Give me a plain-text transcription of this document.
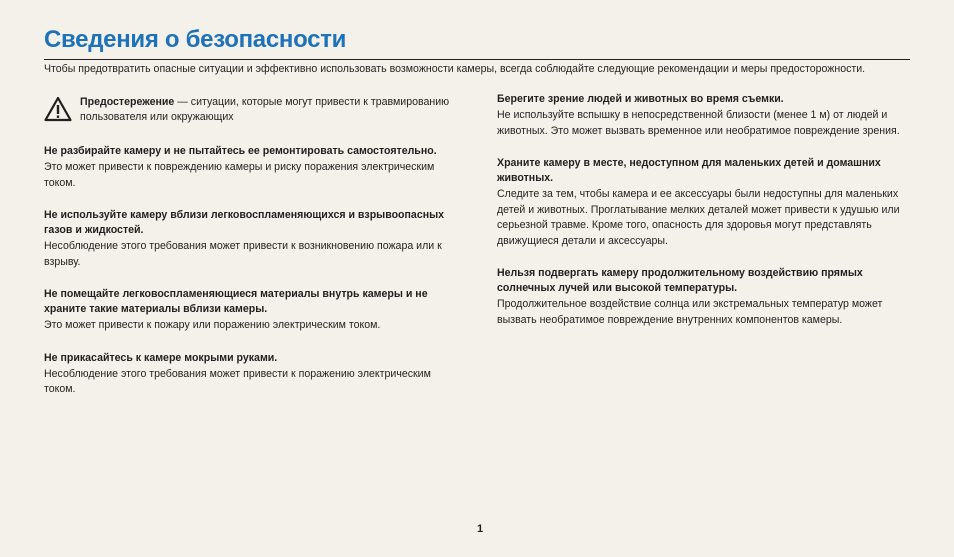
Сведения о безопасности

Чтобы предотвратить опасные ситуации и эффективно использовать возможности камеры, всегда соблюдайте следующие рекомендации и меры предосторожности.

Предостережение — ситуации, которые могут привести к травмированию пользователя или окружающих

Не разбирайте камеру и не пытайтесь ее ремонтировать самостоятельно.

Это может привести к повреждению камеры и риску поражения электрическим током.

Не используйте камеру вблизи легковоспламеняющихся и взрывоопасных газов и жидкостей.

Несоблюдение этого требования может привести к возникновению пожара или к взрыву.

Не помещайте легковоспламеняющиеся материалы внутрь камеры и не храните такие материалы вблизи камеры.

Это может привести к пожару или поражению электрическим током.

Не прикасайтесь к камере мокрыми руками.

Несоблюдение этого требования может привести к поражению электрическим током.

Берегите зрение людей и животных во время съемки.

Не используйте вспышку в непосредственной близости (менее 1 м) от людей и животных. Это может вызвать временное или необратимое повреждение зрения.

Храните камеру в месте, недоступном для маленьких детей и домашних животных.

Следите за тем, чтобы камера и ее аксессуары были недоступны для маленьких детей и животных. Проглатывание мелких деталей может привести к удушью или серьезной травме. Кроме того, опасность для здоровья могут представлять движущиеся детали и аксессуары.

Нельзя подвергать камеру продолжительному воздействию прямых солнечных лучей или высокой температуры.

Продолжительное воздействие солнца или экстремальных температур может вызвать необратимое повреждение внутренних компонентов камеры.

1
